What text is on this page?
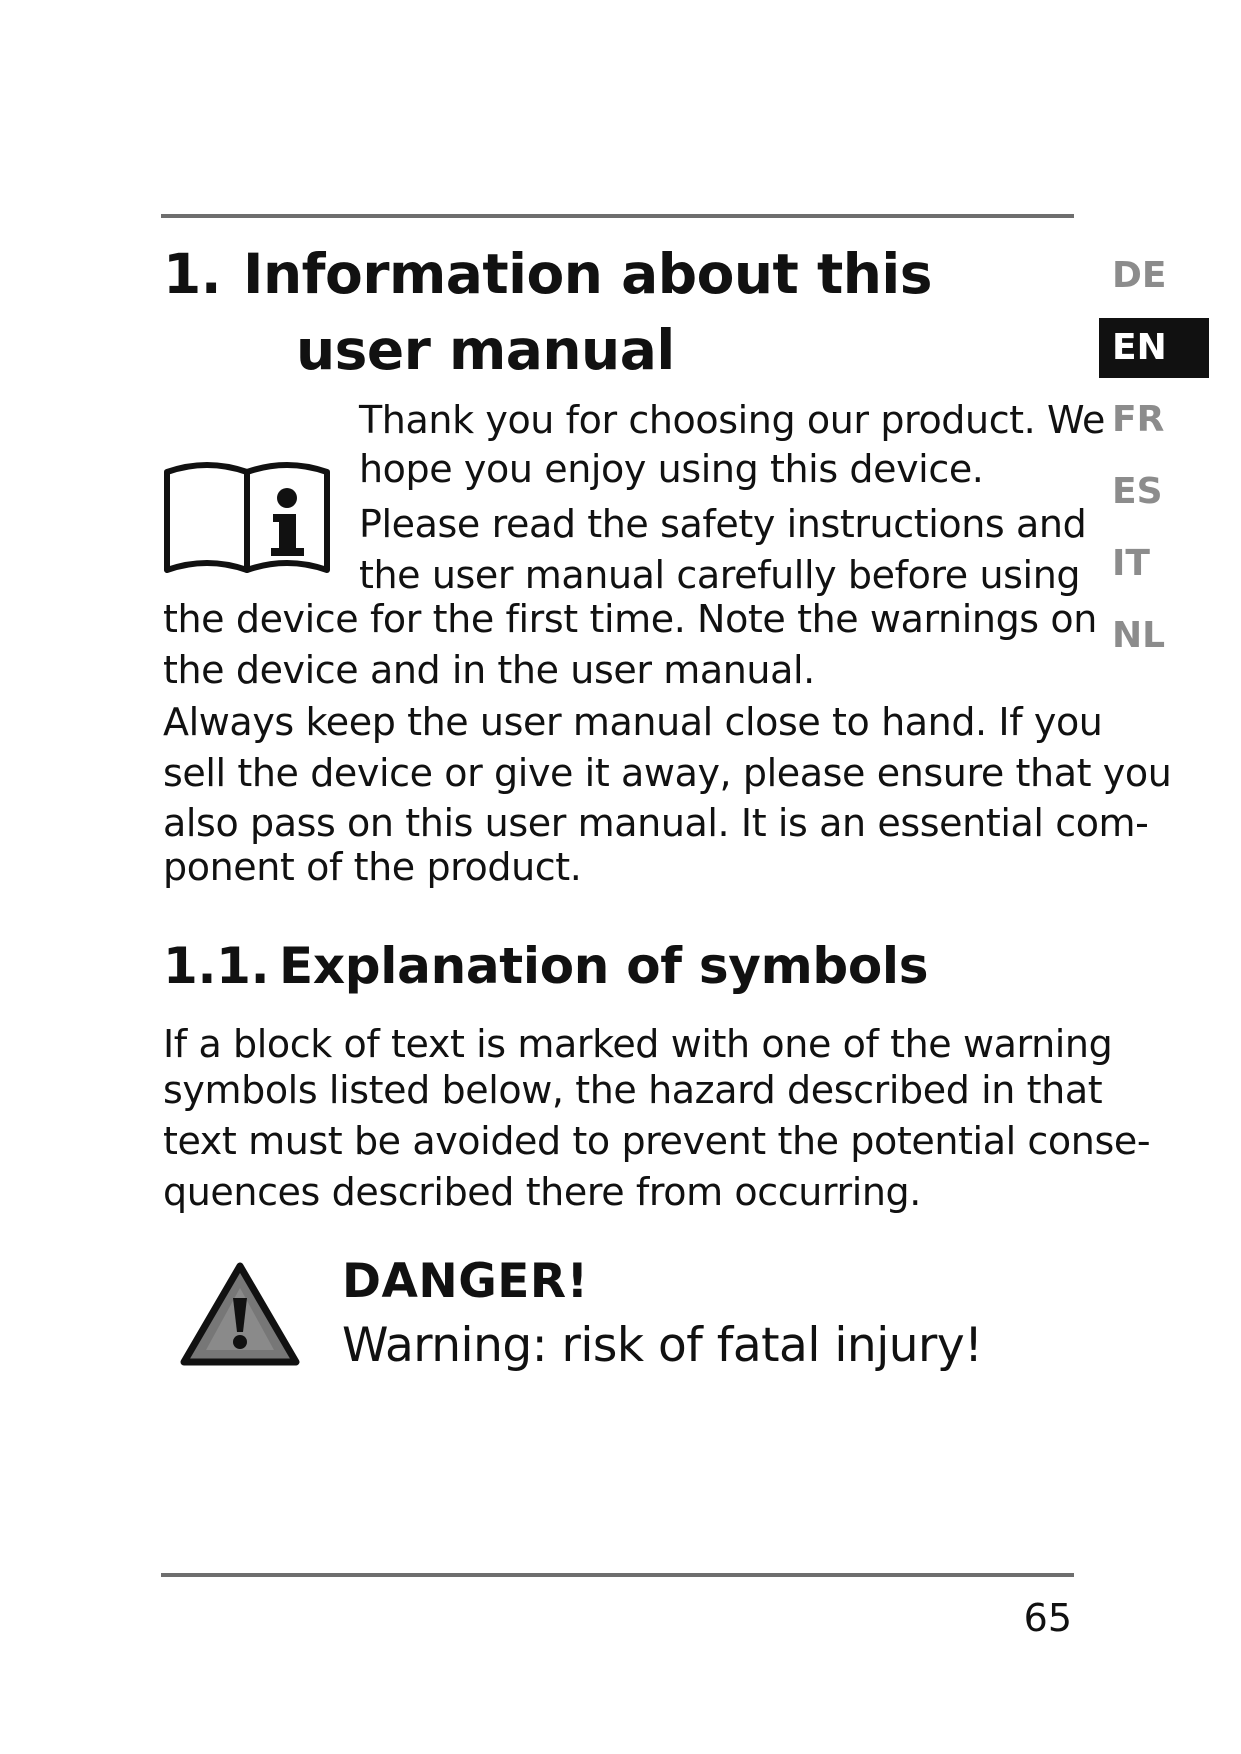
1. Information about this
user manual
Thank you for choosing our product. We
hope you enjoy using this device.
Please read the safety instructions and
the user manual carefully before using
the device for the first time. Note the warnings on
the device and in the user manual.
Always keep the user manual close to hand. If you
sell the device or give it away, please ensure that you
also pass on this user manual. It is an essential com-
ponent of the product.
1.1. Explanation of symbols
If a block of text is marked with one of the warning
symbols listed below, the hazard described in that
text must be avoided to prevent the potential conse-
quences described there from occurring.
DANGER!
Warning: risk of fatal injury!
DE
EN
FR
ES
IT
NL
65
